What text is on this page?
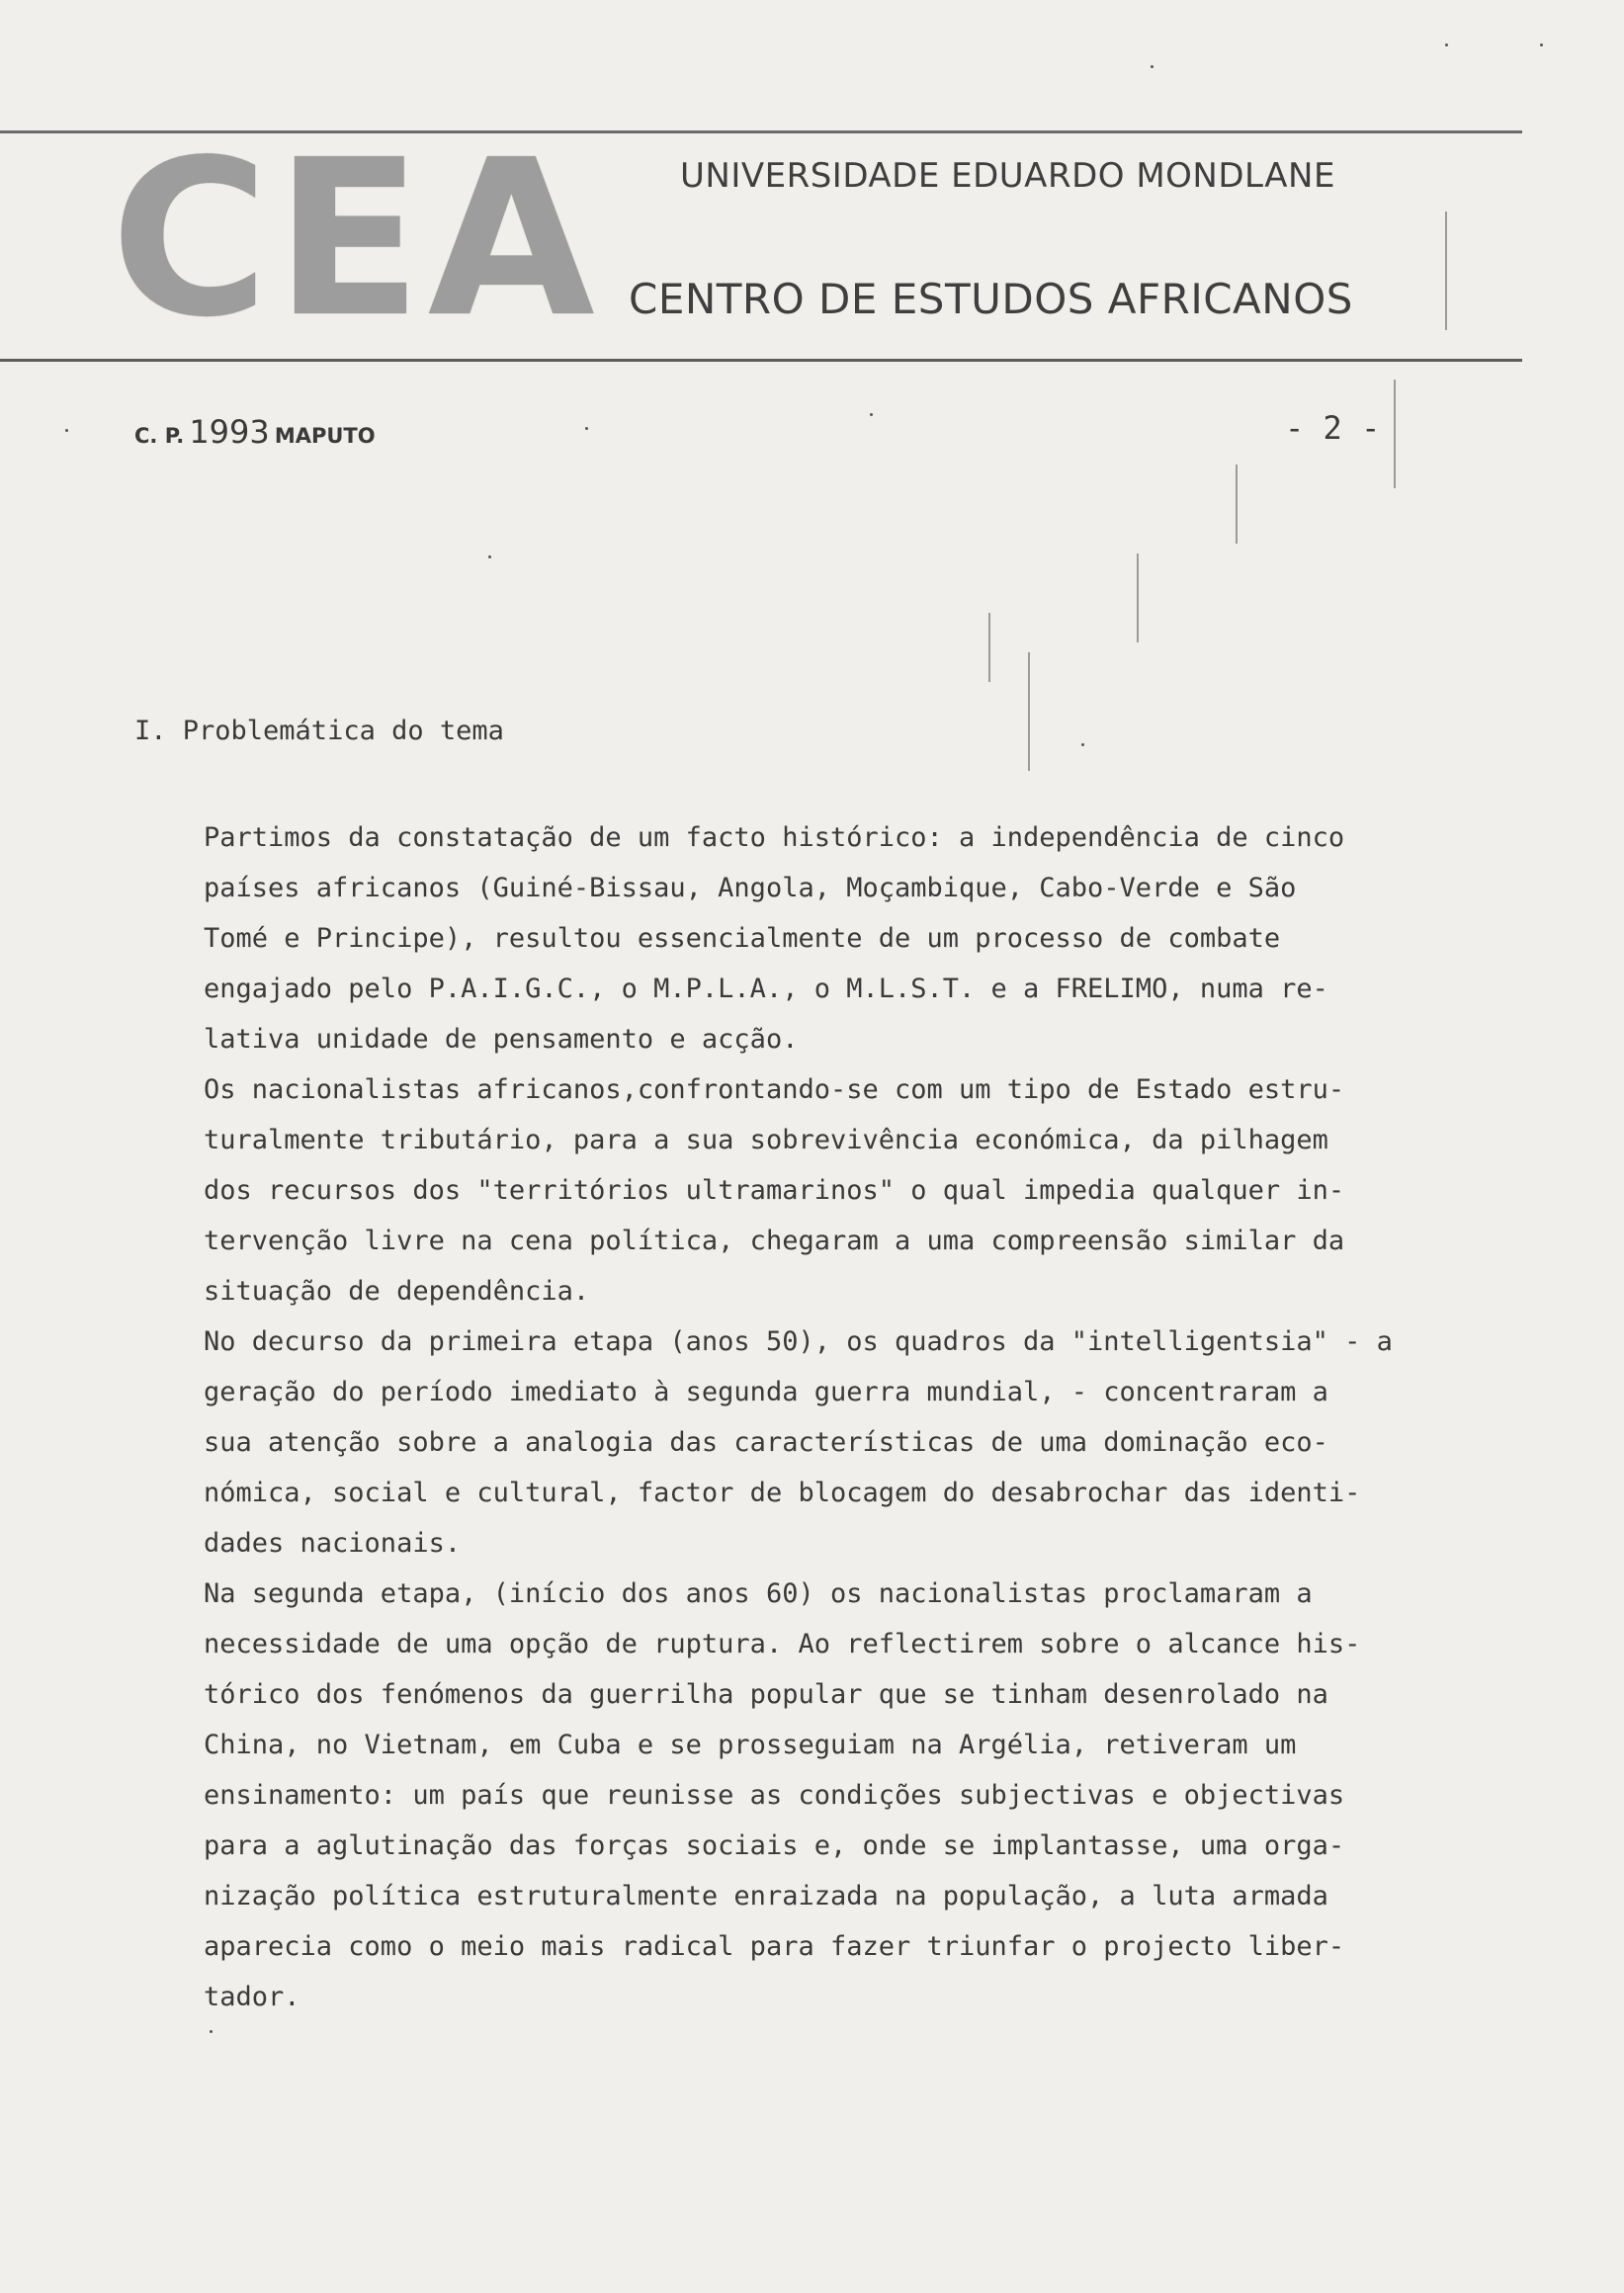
CEA UNIVERSIDADE EDUARDO MONDLANE
CENTRO DE ESTUDOS AFRICANOS
C. P. 1993 MAPUTO	- 2 -
I. Problemática do tema
Partimos da constatação de um facto histórico: a independência de cinco
países africanos (Guiné-Bissau, Angola, Moçambique, Cabo-Verde e São
Tomé e Principe), resultou essencialmente de um processo de combate
engajado pelo P.A.I.G.C., o M.P.L.A., o M.L.S.T. e a FRELIMO, numa re-
lativa unidade de pensamento e acção.
Os nacionalistas africanos,confrontando-se com um tipo de Estado estru-
turalmente tributário, para a sua sobrevivência económica, da pilhagem
dos recursos dos "territórios ultramarinos" o qual impedia qualquer in-
tervenção livre na cena política, chegaram a uma compreensão similar da
situação de dependência.
No decurso da primeira etapa (anos 50), os quadros da "intelligentsia" - a
geração do período imediato à segunda guerra mundial, - concentraram a
sua atenção sobre a analogia das características de uma dominação eco-
nómica, social e cultural, factor de blocagem do desabrochar das identi-
dades nacionais.
Na segunda etapa, (início dos anos 60) os nacionalistas proclamaram a
necessidade de uma opção de ruptura. Ao reflectirem sobre o alcance his-
tórico dos fenómenos da guerrilha popular que se tinham desenrolado na
China, no Vietnam, em Cuba e se prosseguiam na Argélia, retiveram um
ensinamento: um país que reunisse as condições subjectivas e objectivas
para a aglutinação das forças sociais e, onde se implantasse, uma orga-
nização política estruturalmente enraizada na população, a luta armada
aparecia como o meio mais radical para fazer triunfar o projecto liber-
tador.
